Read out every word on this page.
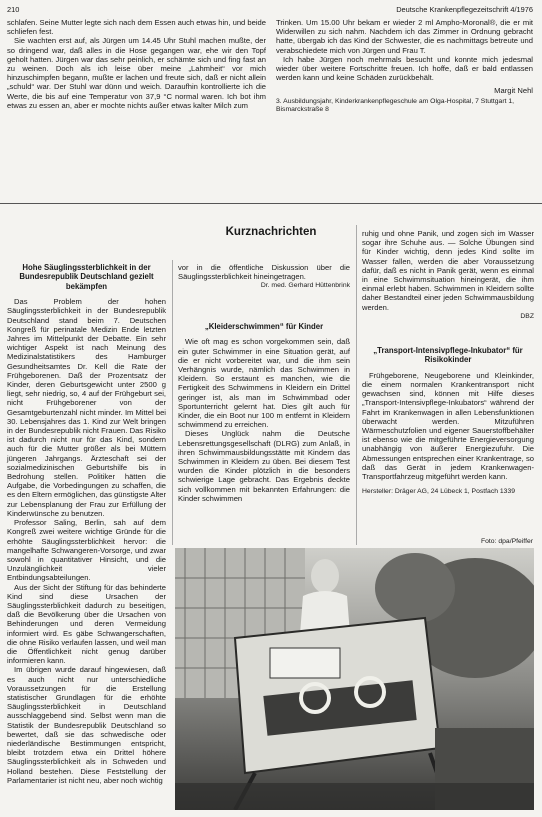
210	Deutsche Krankenpflegezeitschrift 4/1976

schlafen. Seine Mutter legte sich nach dem Essen auch etwas hin, und beide schliefen fest.

Sie wachten erst auf, als Jürgen um 14.45 Uhr Stuhl machen mußte, der so dringend war, daß alles in die Hose gegangen war, ehe wir den Topf geholt hatten. Jürgen war das sehr peinlich, er schämte sich und fing fast an zu weinen. Doch als ich leise über meine „Lahmheit“ vor mich hinzuschimpfen begann, mußte er lachen und freute sich, daß er nicht allein „schuld“ war. Der Stuhl war dünn und weich. Daraufhin kontrollierte ich die Werte, die bis auf eine Temperatur von 37,9 °C normal waren. Ich bot ihm etwas zu essen an, aber er mochte nichts außer etwas kalter Milch zum

Trinken. Um 15.00 Uhr bekam er wieder 2 ml Ampho-Moronal®, die er mit Widerwillen zu sich nahm. Nachdem ich das Zimmer in Ordnung gebracht hatte, übergab ich das Kind der Schwester, die es nachmittags betreute und verabschiedete mich von Jürgen und Frau T.

Ich habe Jürgen noch mehrmals besucht und konnte mich jedesmal wieder über weitere Fortschritte freuen. Ich hoffe, daß er bald entlassen werden kann und keine Schäden zurückbehält.

Margit Nehl
3. Ausbildungsjahr, Kinderkrankenpflegeschule am Olga-Hospital, 7 Stuttgart 1, Bismarckstraße 8
Kurznachrichten
Hohe Säuglingssterblichkeit in der Bundesrepublik Deutschland gezielt bekämpfen

Das Problem der hohen Säuglingssterblichkeit in der Bundesrepublik Deutschland stand beim 7. Deutschen Kongreß für perinatale Medizin Ende letzten Jahres im Mittelpunkt der Debatte. Ein sehr wichtiger Aspekt ist nach Meinung des Medizinalstatistikers des Hamburger Gesundheitsamtes Dr. Kell die Rate der Frühgeborenen. Daß der Prozentsatz der Kinder, deren Geburtsgewicht unter 2500 g liegt, sehr niedrig, so, 4 auf der Frühgeburt sei, nicht Frühgeborener von der Gesamtgeburtenzahl nicht minder. Im Mittel bei 30. Lebensjahres das 1. Kind zur Welt bringen in der Bundesrepublik nicht Frauen. Das Risiko ist dadurch nicht nur für das Kind, sondern auch für die Mutter größer als bei Müttern jüngeren Jahrgangs. Ärzteschaft sei der sozialmedizinischen Geburtshilfe bis in Bedrohung stellen. Politiker hätten die Aufgabe, die Vorbedingungen zu schaffen, die es den Eltern ermöglichen, das günstigste Alter zur Lebensplanung der Frau zur Erfüllung der Kinderwünsche zu benutzen.

Professor Saling, Berlin, sah auf dem Kongreß zwei weitere wichtige Gründe für die erhöhte Säuglingssterblichkeit hervor: die mangelhafte Schwangeren-Vorsorge, und zwar sowohl in quantitativer Hinsicht, und die Unzulänglichkeit vieler Entbindungsabteilungen.

Aus der Sicht der Stiftung für das behinderte Kind sind diese Ursachen der Säuglingssterblichkeit dadurch zu beseitigen, daß die Bevölkerung über die Ursachen von Behinderungen und deren Vermeidung informiert wird. Es gäbe Schwangerschaften, die ohne Risiko verlaufen lassen, und weil man die Öffentlichkeit nicht genug darüber informieren kann.

Im übrigen wurde darauf hingewiesen, daß es auch nicht nur unterschiedliche Voraussetzungen für die Erstellung statistischer Grundlagen für die erhöhte Säuglingssterblichkeit in Deutschland ausschlaggebend sind. Selbst wenn man die Statistik der Bundesrepublik Deutschland so bewertet, daß sie das schwedische oder niederländische Bestimmungen entspricht, bleibt trotzdem etwa ein Drittel höhere Säuglingssterblichkeit als in Schweden und Holland bestehen. Diese Feststellung der Parlamentarier ist nicht neu, aber noch wichtig

vor in die öffentliche Diskussion über die Säuglingssterblichkeit hineingetragen.

Dr. med. Gerhard Hüttenbrink
„Kleiderschwimmen“ für Kinder

Wie oft mag es schon vorgekommen sein, daß ein guter Schwimmer in eine Situation gerät, auf die er nicht vorbereitet war, und die ihm sein Verhängnis wurde, nämlich das Schwimmen in Kleidern. So erstaunt es manchen, wie die Fertigkeit des Schwimmens in Kleidern ein Drittel geringer ist, als man im Schwimmbad oder Sportunterricht gelernt hat. Dies gilt auch für Kinder, die ein Boot nur 100 m entfernt in Kleidern schwimmend zu erreichen.

Dieses Unglück nahm die Deutsche Lebensrettungsgesellschaft (DLRG) zum Anlaß, in ihren Schwimmausbildungsstätte mit Kindern das Schwimmen in Kleidern zu üben. Bei diesem Test wurden die Kinder plötzlich in die besonders schwierige Lage gebracht. Das Ergebnis deckte sich vollkommen mit bekannten Erfahrungen: die Kinder schwimmen

ruhig und ohne Panik, und zogen sich im Wasser sogar ihre Schuhe aus. — Solche Übungen sind für Kinder wichtig, denn jedes Kind sollte im Wasser fallen, werden die aber Voraussetzung dafür, daß es nicht in Panik gerät, wenn es einmal in eine Schwimmsituation hineingerät, die ihm einmal erlebt haben. Schwimmen in Kleidern sollte daher Bestandteil einer jeden Schwimmausbildung werden.

DBZ
„Transport-Intensivpflege-Inkubator“ für Risikokinder

Frühgeborene, Neugeborene und Kleinkinder, die einem normalen Krankentransport nicht gewachsen sind, können mit Hilfe dieses „Transport-Intensivpflege-Inkubators“ während der Fahrt im Krankenwagen in allen Lebensfunktionen überwacht werden. Mitzuführen Wärmeschutzfolien und eigener Sauerstoffbehälter ist ebenso wie die mitgeführte Energieversorgung unabhängig von äußerer Energiezufuhr. Die Abmessungen entsprechen einer Krankentrage, so daß das Gerät in jedem Krankenwagen-Transportfahrzeug mitgeführt werden kann.

Hersteller: Dräger AG, 24 Lübeck 1, Postfach 1339
Foto: dpa/Pfeiffer
